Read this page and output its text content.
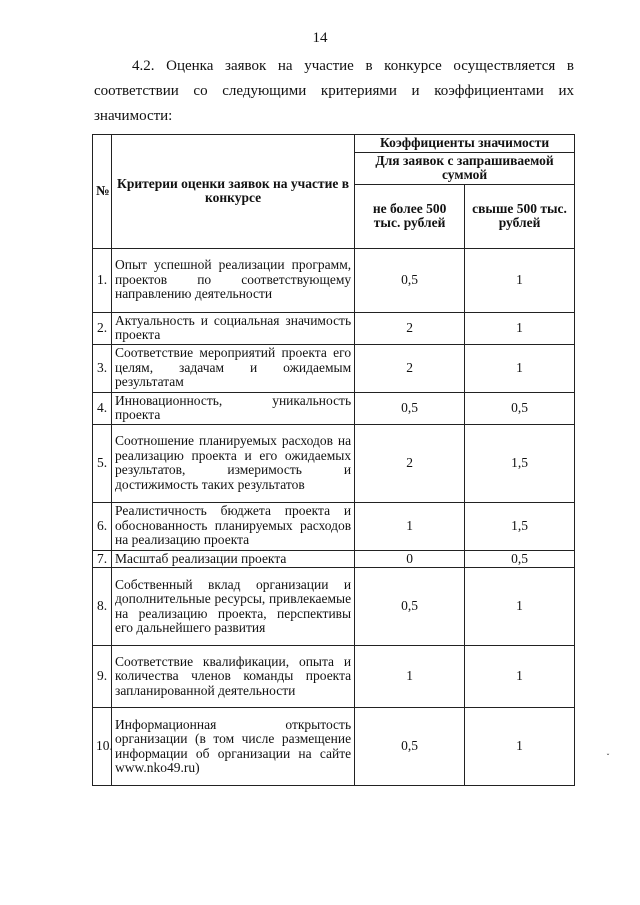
14

4.2. Оценка заявок на участие в конкурсе осуществляется в соответствии со следующими критериями и коэффициентами их значимости:

№	Критерии оценки заявок на участие в конкурсе	Коэффициенты значимости	
		Для заявок с запрашиваемой суммой	
		не более 500 тыс. рублей	свыше 500 тыс. рублей
1.	Опыт успешной реализации программ, проектов по соответствующему направлению деятельности	0,5	1
2.	Актуальность и социальная значимость проекта	2	1
3.	Соответствие мероприятий проекта его целям, задачам и ожидаемым результатам	2	1
4.	Инновационность, уникальность проекта	0,5	0,5
5.	Соотношение планируемых расходов на реализацию проекта и его ожидаемых результатов, измеримость и достижимость таких результатов	2	1,5
6.	Реалистичность бюджета проекта и обоснованность планируемых расходов на реализацию проекта	1	1,5
7.	Масштаб реализации проекта	0	0,5
8.	Собственный вклад организации и дополнительные ресурсы, привлекаемые на реализацию проекта, перспективы его дальнейшего развития	0,5	1
9.	Соответствие квалификации, опыта и количества членов команды проекта запланированной деятельности	1	1
10.	Информационная открытость организации (в том числе размещение информации об организации на сайте www.nko49.ru)	0,5	1	˯
